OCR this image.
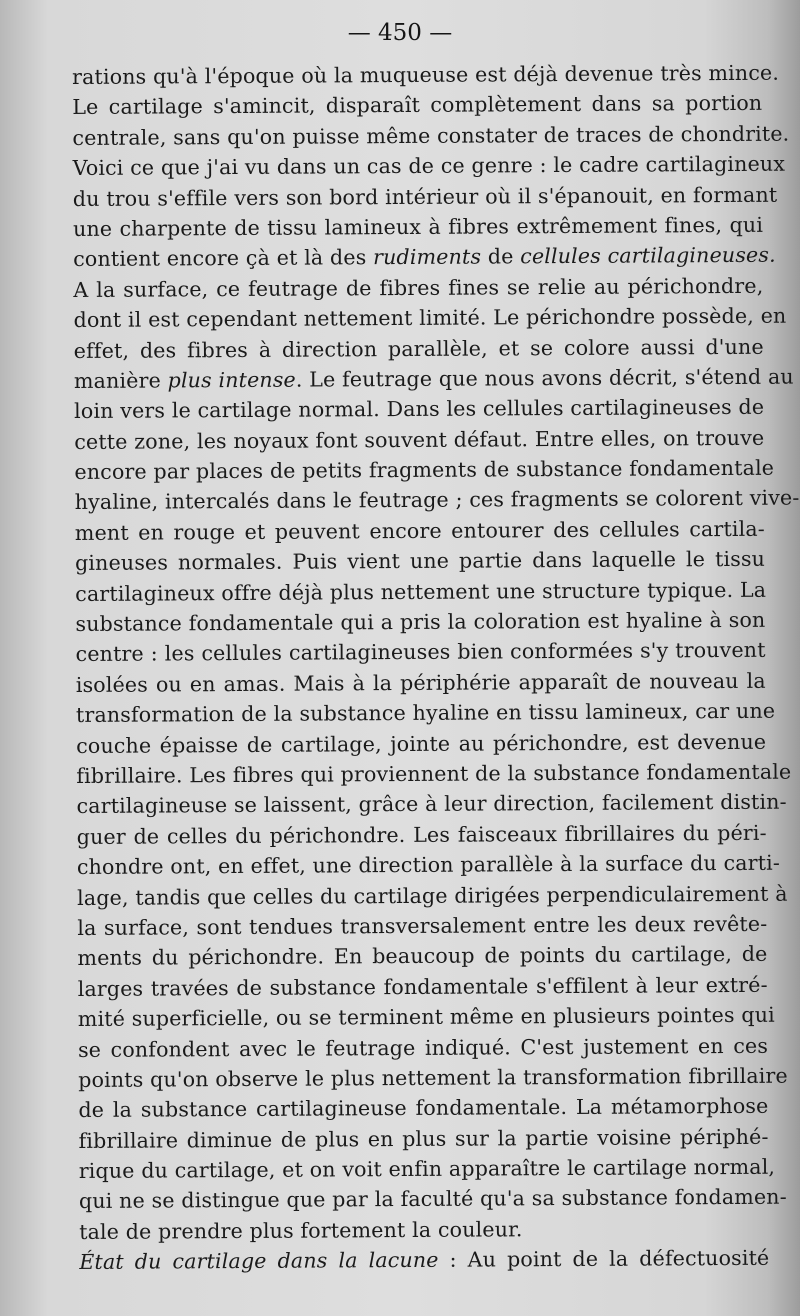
— 450 —
rations qu'à l'époque où la muqueuse est déjà devenue très mince.
Le cartilage s'amincit, disparaît complètement dans sa portion
centrale, sans qu'on puisse même constater de traces de chondrite.
Voici ce que j'ai vu dans un cas de ce genre : le cadre cartilagineux
du trou s'effile vers son bord intérieur où il s'épanouit, en formant
une charpente de tissu lamineux à fibres extrêmement fines, qui
contient encore çà et là des rudiments de cellules cartilagineuses.
A la surface, ce feutrage de fibres fines se relie au périchondre,
dont il est cependant nettement limité. Le périchondre possède, en
effet, des fibres à direction parallèle, et se colore aussi d'une
manière plus intense. Le feutrage que nous avons décrit, s'étend au
loin vers le cartilage normal. Dans les cellules cartilagineuses de
cette zone, les noyaux font souvent défaut. Entre elles, on trouve
encore par places de petits fragments de substance fondamentale
hyaline, intercalés dans le feutrage ; ces fragments se colorent vive-
ment en rouge et peuvent encore entourer des cellules cartila-
gineuses normales. Puis vient une partie dans laquelle le tissu
cartilagineux offre déjà plus nettement une structure typique. La
substance fondamentale qui a pris la coloration est hyaline à son
centre : les cellules cartilagineuses bien conformées s'y trouvent
isolées ou en amas. Mais à la périphérie apparaît de nouveau la
transformation de la substance hyaline en tissu lamineux, car une
couche épaisse de cartilage, jointe au périchondre, est devenue
fibrillaire. Les fibres qui proviennent de la substance fondamentale
cartilagineuse se laissent, grâce à leur direction, facilement distin-
guer de celles du périchondre. Les faisceaux fibrillaires du péri-
chondre ont, en effet, une direction parallèle à la surface du carti-
lage, tandis que celles du cartilage dirigées perpendiculairement à
la surface, sont tendues transversalement entre les deux revête-
ments du périchondre. En beaucoup de points du cartilage, de
larges travées de substance fondamentale s'effilent à leur extré-
mité superficielle, ou se terminent même en plusieurs pointes qui
se confondent avec le feutrage indiqué. C'est justement en ces
points qu'on observe le plus nettement la transformation fibrillaire
de la substance cartilagineuse fondamentale. La métamorphose
fibrillaire diminue de plus en plus sur la partie voisine périphé-
rique du cartilage, et on voit enfin apparaître le cartilage normal,
qui ne se distingue que par la faculté qu'a sa substance fondamen-
tale de prendre plus fortement la couleur.
État du cartilage dans la lacune : Au point de la défectuosité
